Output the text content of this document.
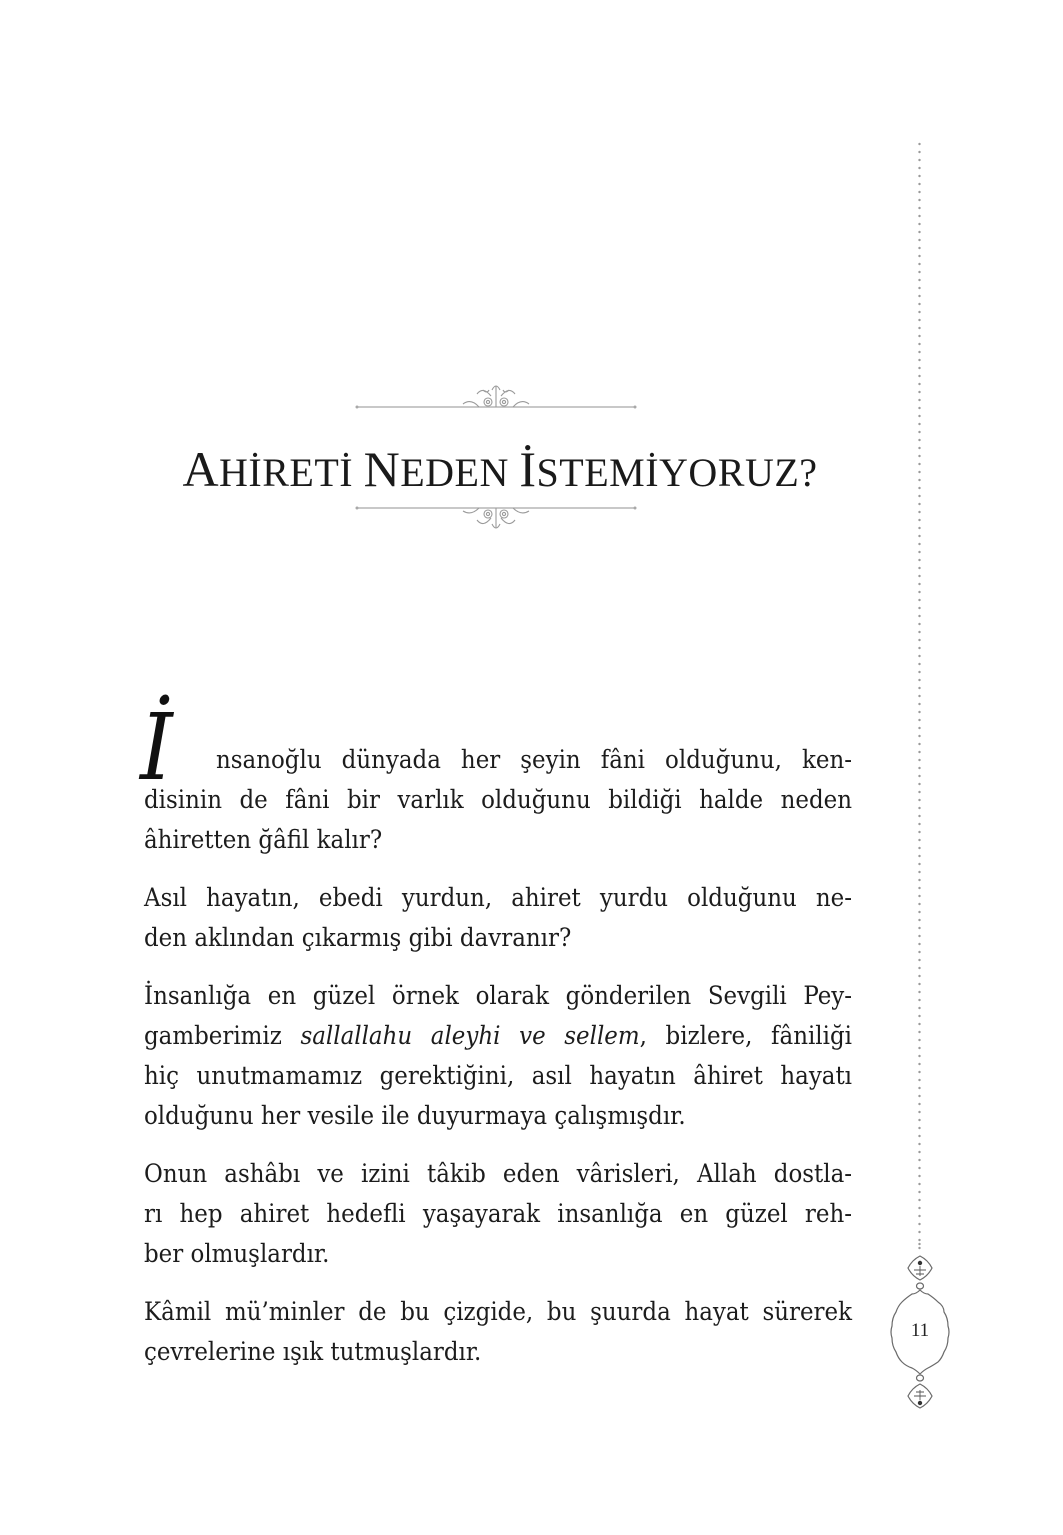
AHİRETİ NEDEN İSTEMİYORUZ?

İ	nsanoğlu dünyada her şeyin fâni olduğunu, ken-
disinin de fâni bir varlık olduğunu bildiği halde neden
âhiretten ğâfil kalır?

Asıl hayatın, ebedi yurdun, ahiret yurdu olduğunu ne-
den aklından çıkarmış gibi davranır?

İnsanlığa en güzel örnek olarak gönderilen Sevgili Pey-
gamberimiz sallallahu aleyhi ve sellem, bizlere, fâniliği
hiç unutmamamız gerektiğini, asıl hayatın âhiret hayatı
olduğunu her vesile ile duyurmaya çalışmışdır.

Onun ashâbı ve izini tâkib eden vârisleri, Allah dostla-
rı hep ahiret hedefli yaşayarak insanlığa en güzel reh-
ber olmuşlardır.

Kâmil mü’minler de bu çizgide, bu şuurda hayat sürerek
çevrelerine ışık tutmuşlardır.

11
